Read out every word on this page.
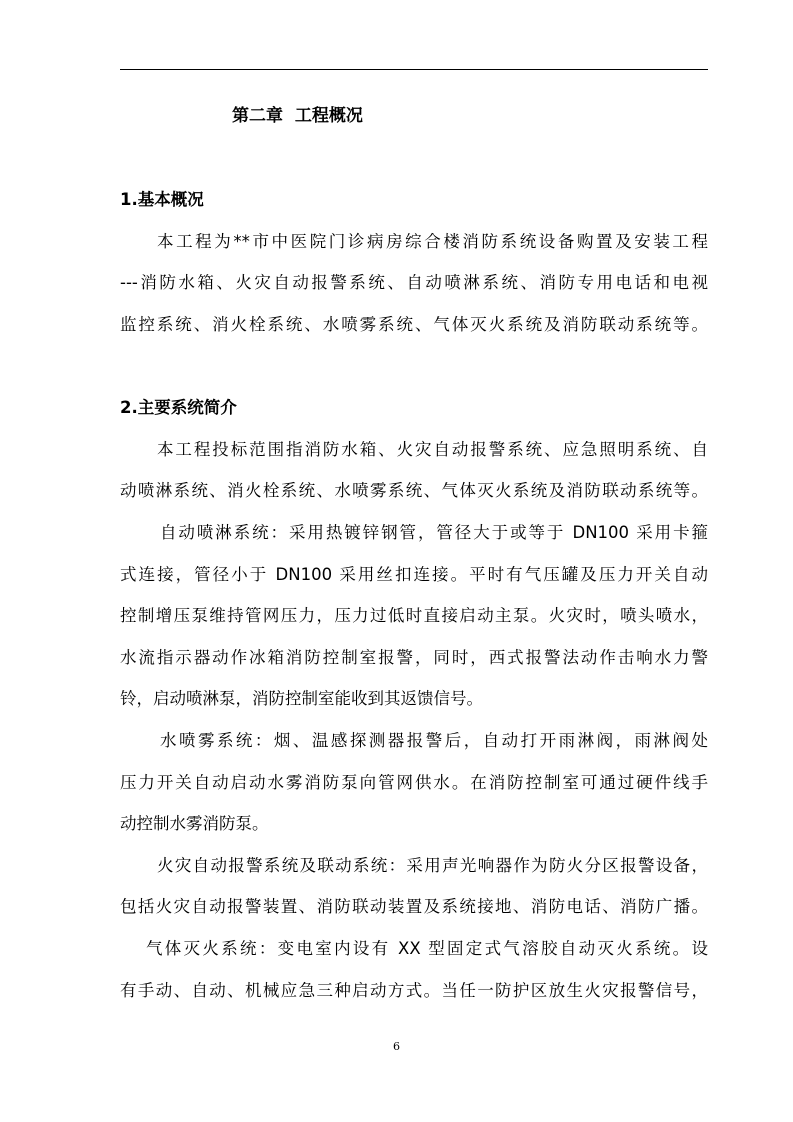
第二章  工程概况
1.基本概况
本工程为**市中医院门诊病房综合楼消防系统设备购置及安装工程
---消防水箱、火灾自动报警系统、自动喷淋系统、消防专用电话和电视
监控系统、消火栓系统、水喷雾系统、气体灭火系统及消防联动系统等。
2.主要系统简介
本工程投标范围指消防水箱、火灾自动报警系统、应急照明系统、自
动喷淋系统、消火栓系统、水喷雾系统、气体灭火系统及消防联动系统等。
自动喷淋系统：采用热镀锌钢管，管径大于或等于 DN100 采用卡箍
式连接，管径小于 DN100 采用丝扣连接。平时有气压罐及压力开关自动
控制增压泵维持管网压力，压力过低时直接启动主泵。火灾时，喷头喷水，
水流指示器动作冰箱消防控制室报警，同时，西式报警法动作击响水力警
铃，启动喷淋泵，消防控制室能收到其返馈信号。
水喷雾系统：烟、温感探测器报警后，自动打开雨淋阀，雨淋阀处
压力开关自动启动水雾消防泵向管网供水。在消防控制室可通过硬件线手
动控制水雾消防泵。
火灾自动报警系统及联动系统：采用声光响器作为防火分区报警设备，
包括火灾自动报警装置、消防联动装置及系统接地、消防电话、消防广播。
气体灭火系统：变电室内设有 XX 型固定式气溶胶自动灭火系统。设
有手动、自动、机械应急三种启动方式。当任一防护区放生火灾报警信号，
6
